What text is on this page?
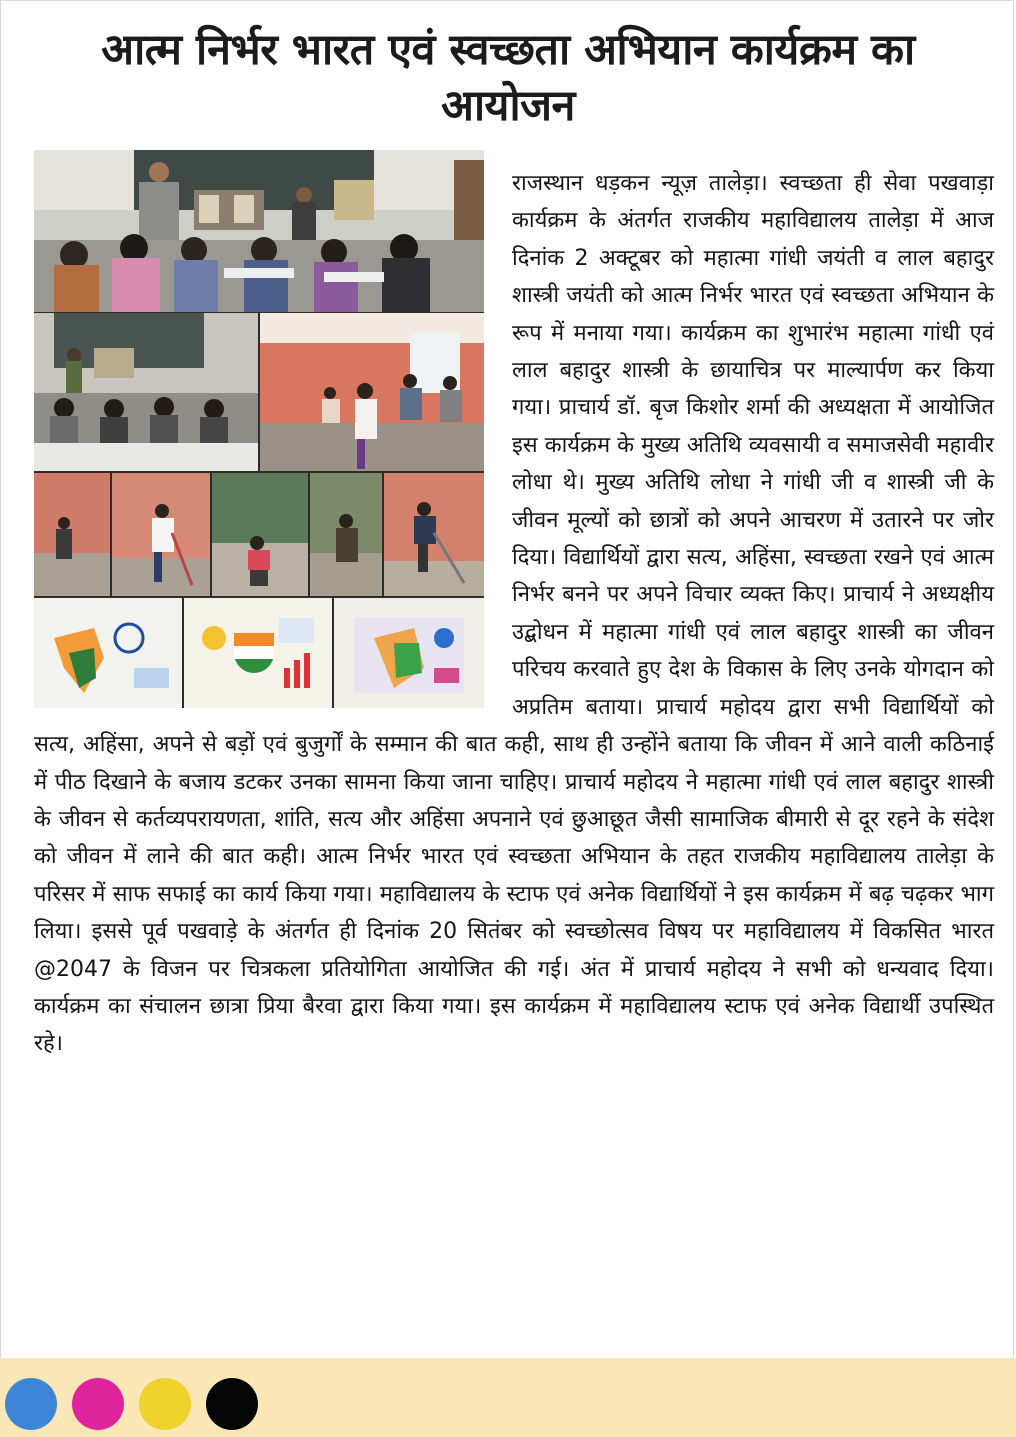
आत्म निर्भर भारत एवं स्वच्छता अभियान कार्यक्रम का आयोजन
राजस्थान धड़कन न्यूज़ तालेड़ा। स्वच्छता ही सेवा पखवाड़ा कार्यक्रम के अंतर्गत राजकीय महाविद्यालय तालेड़ा में आज दिनांक 2 अक्टूबर को महात्मा गांधी जयंती व लाल बहादुर शास्त्री जयंती को आत्म निर्भर भारत एवं स्वच्छता अभियान के रूप में मनाया गया। कार्यक्रम का शुभारंभ महात्मा गांधी एवं लाल बहादुर शास्त्री के छायाचित्र पर माल्यार्पण कर किया गया। प्राचार्य डॉ. बृज किशोर शर्मा की अध्यक्षता में आयोजित इस कार्यक्रम के मुख्य अतिथि व्यवसायी व समाजसेवी महावीर लोधा थे। मुख्य अतिथि लोधा ने गांधी जी व शास्त्री जी के जीवन मूल्यों को छात्रों को अपने आचरण में उतारने पर जोर दिया। विद्यार्थियों द्वारा सत्य, अहिंसा, स्वच्छता रखने एवं आत्म निर्भर बनने पर अपने विचार व्यक्त किए। प्राचार्य ने अध्यक्षीय उद्बोधन में महात्मा गांधी एवं लाल बहादुर शास्त्री का जीवन परिचय करवाते हुए देश के विकास के लिए उनके योगदान को अप्रतिम बताया। प्राचार्य महोदय द्वारा सभी विद्यार्थियों को सत्य, अहिंसा, अपने से बड़ों एवं बुजुर्गों के सम्मान की बात कही, साथ ही उन्होंने बताया कि जीवन में आने वाली कठिनाई में पीठ दिखाने के बजाय डटकर उनका सामना किया जाना चाहिए। प्राचार्य महोदय ने महात्मा गांधी एवं लाल बहादुर शास्त्री के जीवन से कर्तव्यपरायणता, शांति, सत्य और अहिंसा अपनाने एवं छुआछूत जैसी सामाजिक बीमारी से दूर रहने के संदेश को जीवन में लाने की बात कही। आत्म निर्भर भारत एवं स्वच्छता अभियान के तहत राजकीय महाविद्यालय तालेड़ा के परिसर में साफ सफाई का कार्य किया गया। महाविद्यालय के स्टाफ एवं अनेक विद्यार्थियों ने इस कार्यक्रम में बढ़ चढ़कर भाग लिया। इससे पूर्व पखवाड़े के अंतर्गत ही दिनांक 20 सितंबर को स्वच्छोत्सव विषय पर महाविद्यालय में विकसित भारत @2047 के विजन पर चित्रकला प्रतियोगिता आयोजित की गई। अंत में प्राचार्य महोदय ने सभी को धन्यवाद दिया। कार्यक्रम का संचालन छात्रा प्रिया बैरवा द्वारा किया गया। इस कार्यक्रम में महाविद्यालय स्टाफ एवं अनेक विद्यार्थी उपस्थित रहे।
